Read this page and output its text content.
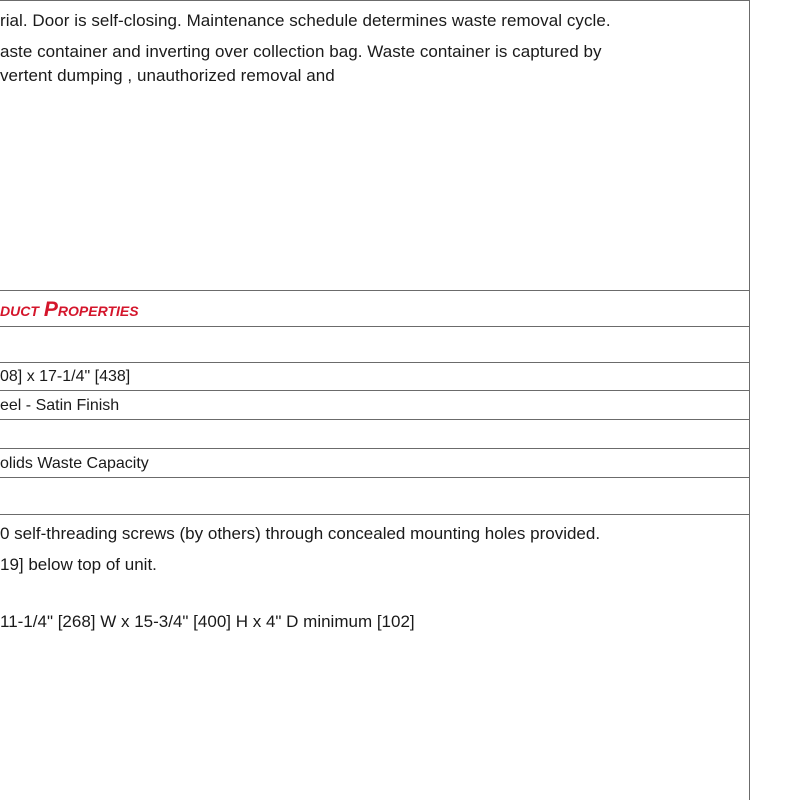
rial. Door is self-closing. Maintenance schedule determines waste removal cycle.
aste container and inverting over collection bag. Waste container is captured by
vertent dumping , unauthorized removal and
DUCT PROPERTIES
08] x 17-1/4" [438]
eel - Satin Finish
olids Waste Capacity
0 self-threading screws (by others) through concealed mounting holes provided.
19] below top of unit.
11-1/4" [268] W x 15-3/4" [400] H x 4" D minimum [102]
